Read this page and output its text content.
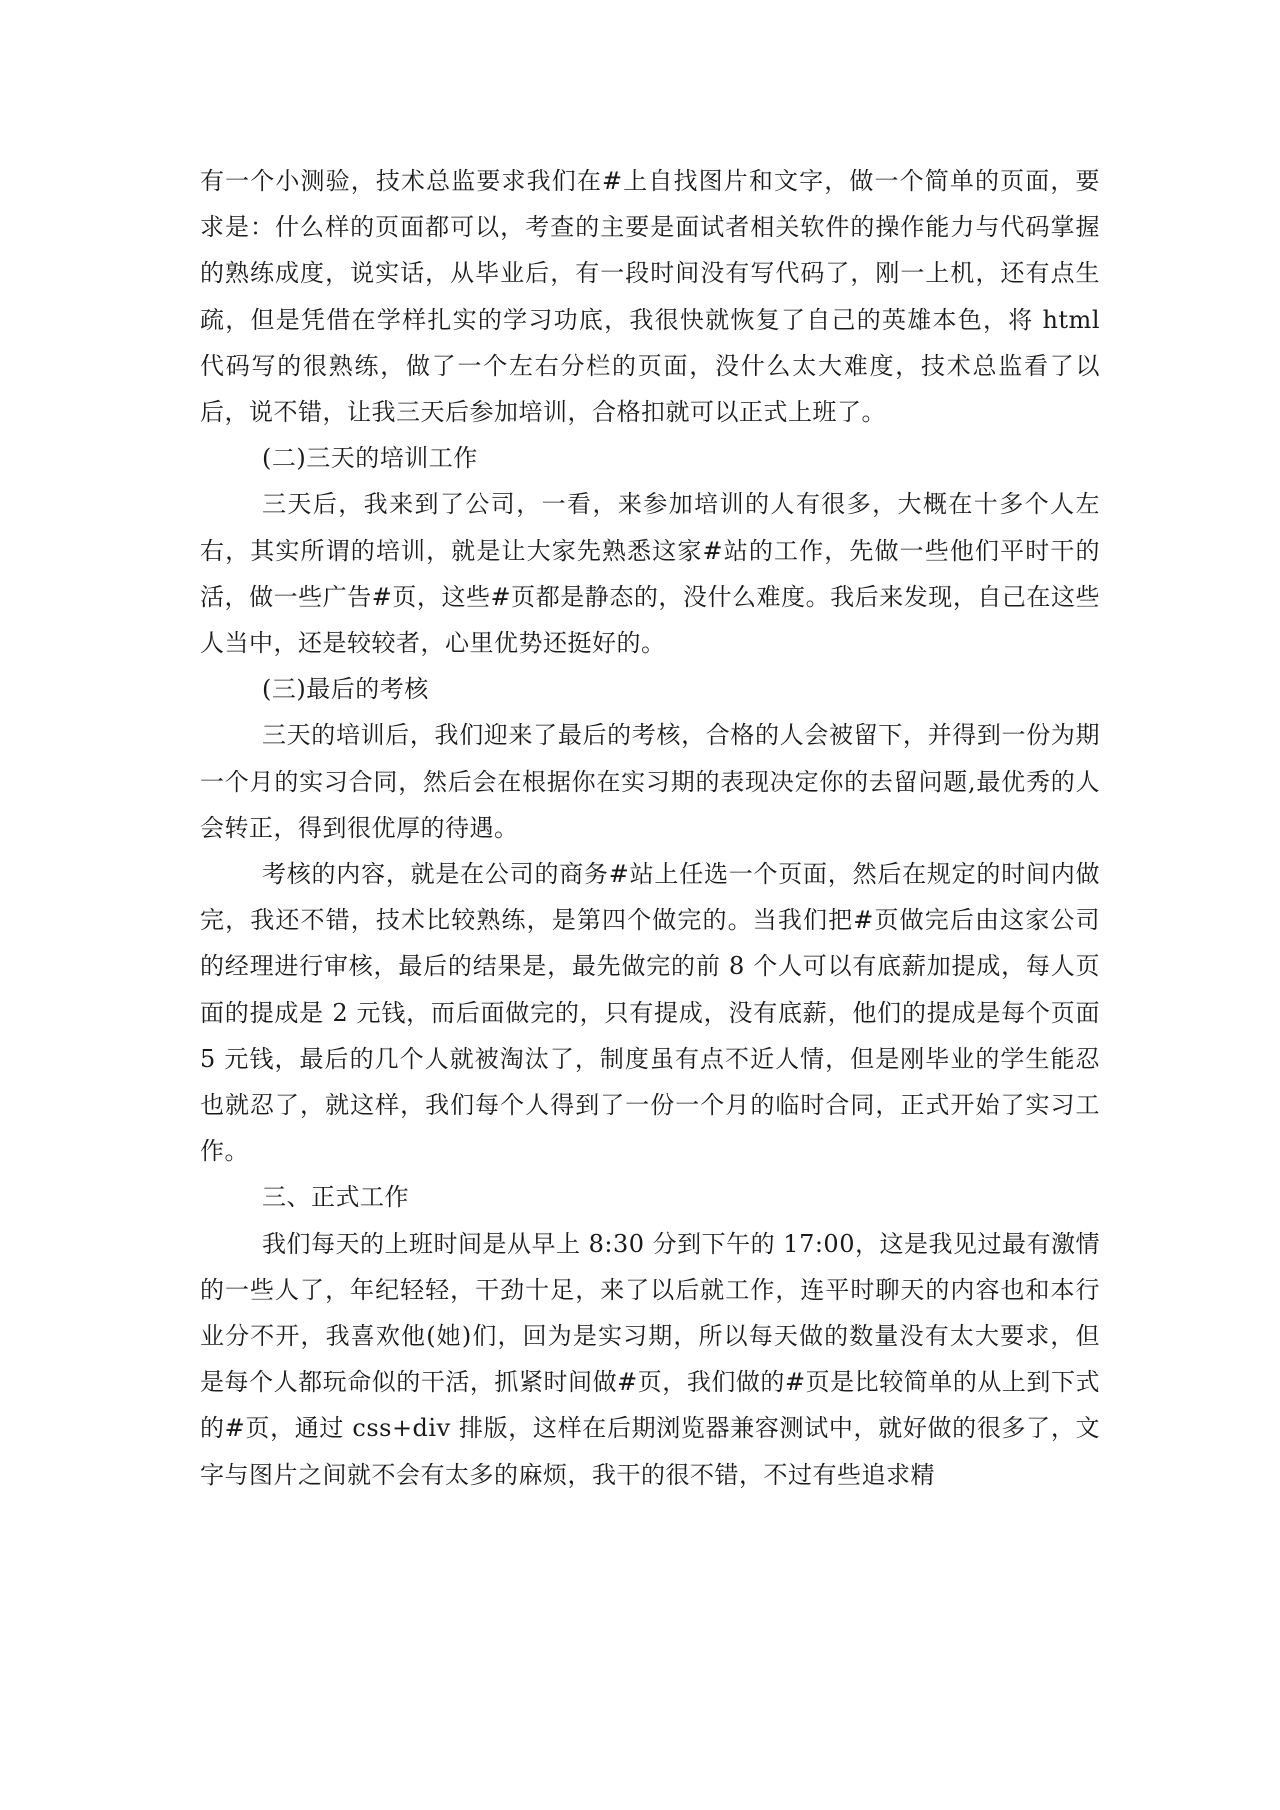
有一个小测验，技术总监要求我们在#上自找图片和文字，做一个简单的页面，要求是：什么样的页面都可以，考查的主要是面试者相关软件的操作能力与代码掌握的熟练成度，说实话，从毕业后，有一段时间没有写代码了，刚一上机，还有点生疏，但是凭借在学样扎实的学习功底，我很快就恢复了自己的英雄本色，将 html 代码写的很熟练，做了一个左右分栏的页面，没什么太大难度，技术总监看了以后，说不错，让我三天后参加培训，合格扣就可以正式上班了。

(二)三天的培训工作

三天后，我来到了公司，一看，来参加培训的人有很多，大概在十多个人左右，其实所谓的培训，就是让大家先熟悉这家#站的工作，先做一些他们平时干的活，做一些广告#页，这些#页都是静态的，没什么难度。我后来发现，自己在这些人当中，还是较较者，心里优势还挺好的。

(三)最后的考核

三天的培训后，我们迎来了最后的考核，合格的人会被留下，并得到一份为期一个月的实习合同，然后会在根据你在实习期的表现决定你的去留问题,最优秀的人会转正，得到很优厚的待遇。

考核的内容，就是在公司的商务#站上任选一个页面，然后在规定的时间内做完，我还不错，技术比较熟练，是第四个做完的。当我们把#页做完后由这家公司的经理进行审核，最后的结果是，最先做完的前 8 个人可以有底薪加提成，每人页面的提成是 2 元钱，而后面做完的，只有提成，没有底薪，他们的提成是每个页面 5 元钱，最后的几个人就被淘汰了，制度虽有点不近人情，但是刚毕业的学生能忍也就忍了，就这样，我们每个人得到了一份一个月的临时合同，正式开始了实习工作。

三、正式工作

我们每天的上班时间是从早上 8:30 分到下午的 17:00，这是我见过最有激情的一些人了，年纪轻轻，干劲十足，来了以后就工作，连平时聊天的内容也和本行业分不开，我喜欢他(她)们，回为是实习期，所以每天做的数量没有太大要求，但是每个人都玩命似的干活，抓紧时间做#页，我们做的#页是比较简单的从上到下式的#页，通过 css+div 排版，这样在后期浏览器兼容测试中，就好做的很多了，文字与图片之间就不会有太多的麻烦，我干的很不错，不过有些追求精
